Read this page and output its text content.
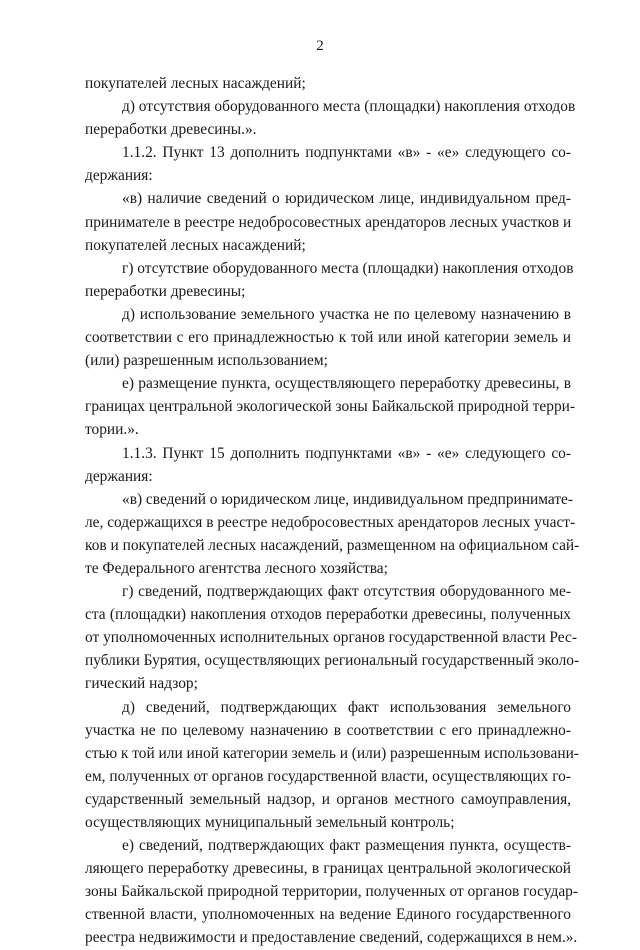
2
покупателей лесных насаждений;
д) отсутствия оборудованного места (площадки) накопления отходов
переработки древесины.».
1.1.2. Пункт 13 дополнить подпунктами «в» - «е» следующего со-
держания:
«в) наличие сведений о юридическом лице, индивидуальном пред-
принимателе в реестре недобросовестных арендаторов лесных участков и
покупателей лесных насаждений;
г) отсутствие оборудованного места (площадки) накопления отходов
переработки древесины;
д) использование земельного участка не по целевому назначению в
соответствии с его принадлежностью к той или иной категории земель и
(или) разрешенным использованием;
е) размещение пункта, осуществляющего переработку древесины, в
границах центральной экологической зоны Байкальской природной терри-
тории.».
1.1.3. Пункт 15 дополнить подпунктами «в» - «е» следующего со-
держания:
«в) сведений о юридическом лице, индивидуальном предпринимате-
ле, содержащихся в реестре недобросовестных арендаторов лесных участ-
ков и покупателей лесных насаждений, размещенном на официальном сай-
те Федерального агентства лесного хозяйства;
г) сведений, подтверждающих факт отсутствия оборудованного ме-
ста (площадки) накопления отходов переработки древесины, полученных
от уполномоченных исполнительных органов государственной власти Рес-
публики Бурятия, осуществляющих региональный государственный эколо-
гический надзор;
д) сведений, подтверждающих факт использования земельного
участка не по целевому назначению в соответствии с его принадлежно-
стью к той или иной категории земель и (или) разрешенным использовани-
ем, полученных от органов государственной власти, осуществляющих го-
сударственный земельный надзор, и органов местного самоуправления,
осуществляющих муниципальный земельный контроль;
е) сведений, подтверждающих факт размещения пункта, осуществ-
ляющего переработку древесины, в границах центральной экологической
зоны Байкальской природной территории, полученных от органов государ-
ственной власти, уполномоченных на ведение Единого государственного
реестра недвижимости и предоставление сведений, содержащихся в нем.».
